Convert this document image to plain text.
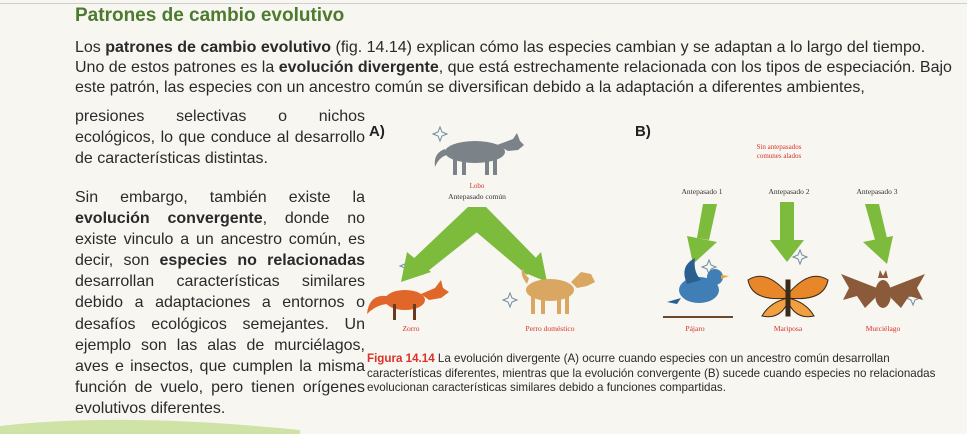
Patrones de cambio evolutivo

Los patrones de cambio evolutivo (fig. 14.14) explican cómo las especies cambian y se adaptan a lo largo del tiempo. Uno de estos patrones es la evolución divergente, que está estrechamente relacionada con los tipos de especiación. Bajo este patrón, las especies con un ancestro común se diversifican debido a la adaptación a diferentes ambientes,

presiones selectivas o nichos ecológicos, lo que conduce al desarrollo de características distintas.

Sin embargo, también existe la evolución convergente, donde no existe vinculo a un ancestro común, es decir, son especies no relacionadas desarrollan características similares debido a adaptaciones a entornos o desafíos ecológicos semejantes. Un ejemplo son las alas de murciélagos, aves e insectos, que cumplen la misma función de vuelo, pero tienen orígenes evolutivos diferentes.

A)	B)
Lobo
Antepasado común
Zorro	Perro doméstico
Sin antepasados
comunes alados
Antepasado 1	Antepasado 2	Antepasado 3
Pájaro	Mariposa	Murciélago

Figura 14.14 La evolución divergente (A) ocurre cuando especies con un ancestro común desarrollan características diferentes, mientras que la evolución convergente (B) sucede cuando especies no relacionadas evolucionan características similares debido a funciones compartidas.
